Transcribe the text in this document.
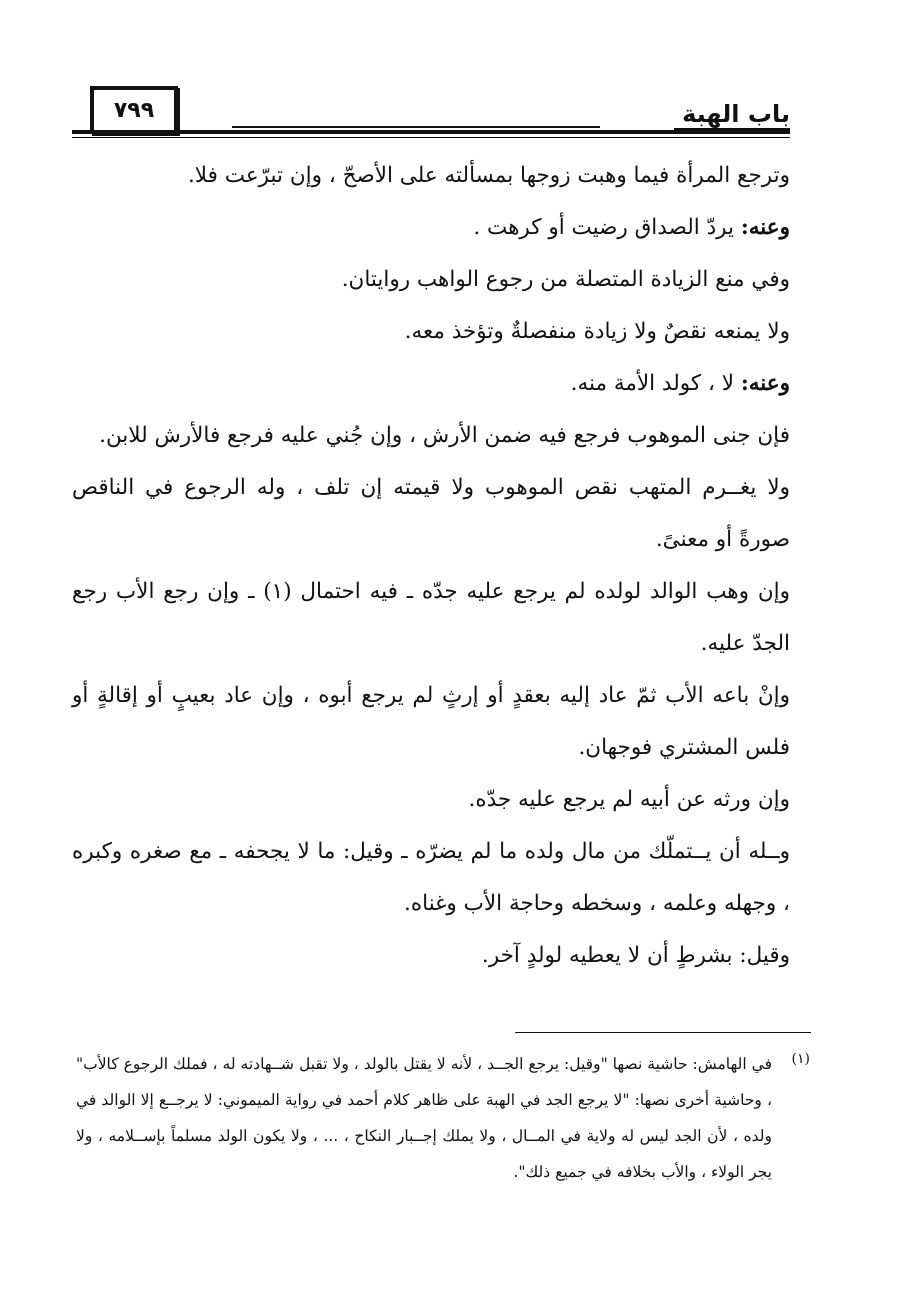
٧٩٩	باب الهبة

وترجع المرأة فيما وهبت زوجها بمسألته على الأصحّ ، وإن تبرّعت فلا.

وعنه: يردّ الصداق رضيت أو كرهت .

وفي منع الزيادة المتصلة من رجوع الواهب روايتان.

ولا يمنعه نقصٌ ولا زيادة منفصلةٌ وتؤخذ معه.

وعنه: لا ، كولد الأمة منه.

فإن جنى الموهوب فرجع فيه ضمن الأرش ، وإن جُني عليه فرجع فالأرش للابن.

ولا يغــرم المتهب نقص الموهوب ولا قيمته إن تلف ، وله الرجوع في الناقص صورةً أو معنىً.

وإن وهب الوالد لولده لم يرجع عليه جدّه ـ فيه احتمال (١) ـ وإن رجع الأب رجع الجدّ عليه.

وإنْ باعه الأب ثمّ عاد إليه بعقدٍ أو إرثٍ لم يرجع أبوه ، وإن عاد بعيبٍ أو إقالةٍ أو فلس المشتري فوجهان.

وإن ورثه عن أبيه لم يرجع عليه جدّه.

وــله أن يــتملّك من مال ولده ما لم يضرّه ـ وقيل: ما لا يجحفه ـ مع صغره وكبره ، وجهله وعلمه ، وسخطه وحاجة الأب وغناه.

وقيل: بشرطٍ أن لا يعطيه لولدٍ آخر.

(١)
في الهامش: حاشية نصها "وقيل: يرجع الجــد ، لأنه لا يقتل بالولد ، ولا تقبل شــهادته له ، فملك الرجوع كالأب" ، وحاشية أخرى نصها: "لا يرجع الجد في الهبة على ظاهر كلام أحمد في رواية الميموني: لا يرجــع إلا الوالد في ولده ، لأن الجد ليس له ولاية في المــال ، ولا يملك إجــبار النكاح ، ... ، ولا يكون الولد مسلماً بإســلامه ، ولا يجر الولاء ، والأب بخلافه في جميع ذلك".
